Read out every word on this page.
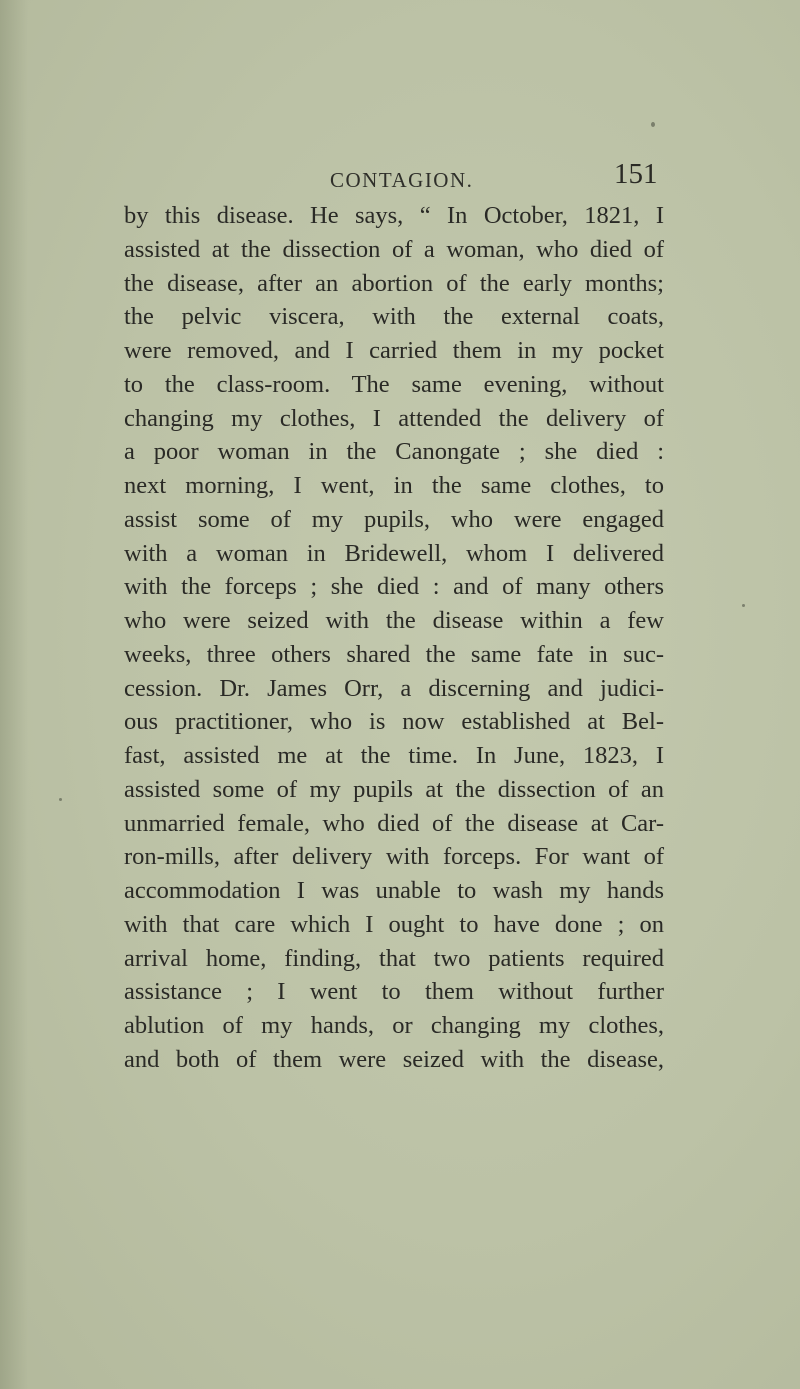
CONTAGION.	151
by this disease. He says, “ In October, 1821, I
assisted at the dissection of a woman, who died of
the disease, after an abortion of the early months;
the pelvic viscera, with the external coats,
were removed, and I carried them in my pocket
to the class-room. The same evening, without
changing my clothes, I attended the delivery of
a poor woman in the Canongate ; she died :
next morning, I went, in the same clothes, to
assist some of my pupils, who were engaged
with a woman in Bridewell, whom I delivered
with the forceps ; she died : and of many others
who were seized with the disease within a few
weeks, three others shared the same fate in suc-
cession. Dr. James Orr, a discerning and judici-
ous practitioner, who is now established at Bel-
fast, assisted me at the time. In June, 1823, I
assisted some of my pupils at the dissection of an
unmarried female, who died of the disease at Car-
ron-mills, after delivery with forceps. For want of
accommodation I was unable to wash my hands
with that care which I ought to have done ; on
arrival home, finding, that two patients required
assistance ; I went to them without further
ablution of my hands, or changing my clothes,
and both of them were seized with the disease,
